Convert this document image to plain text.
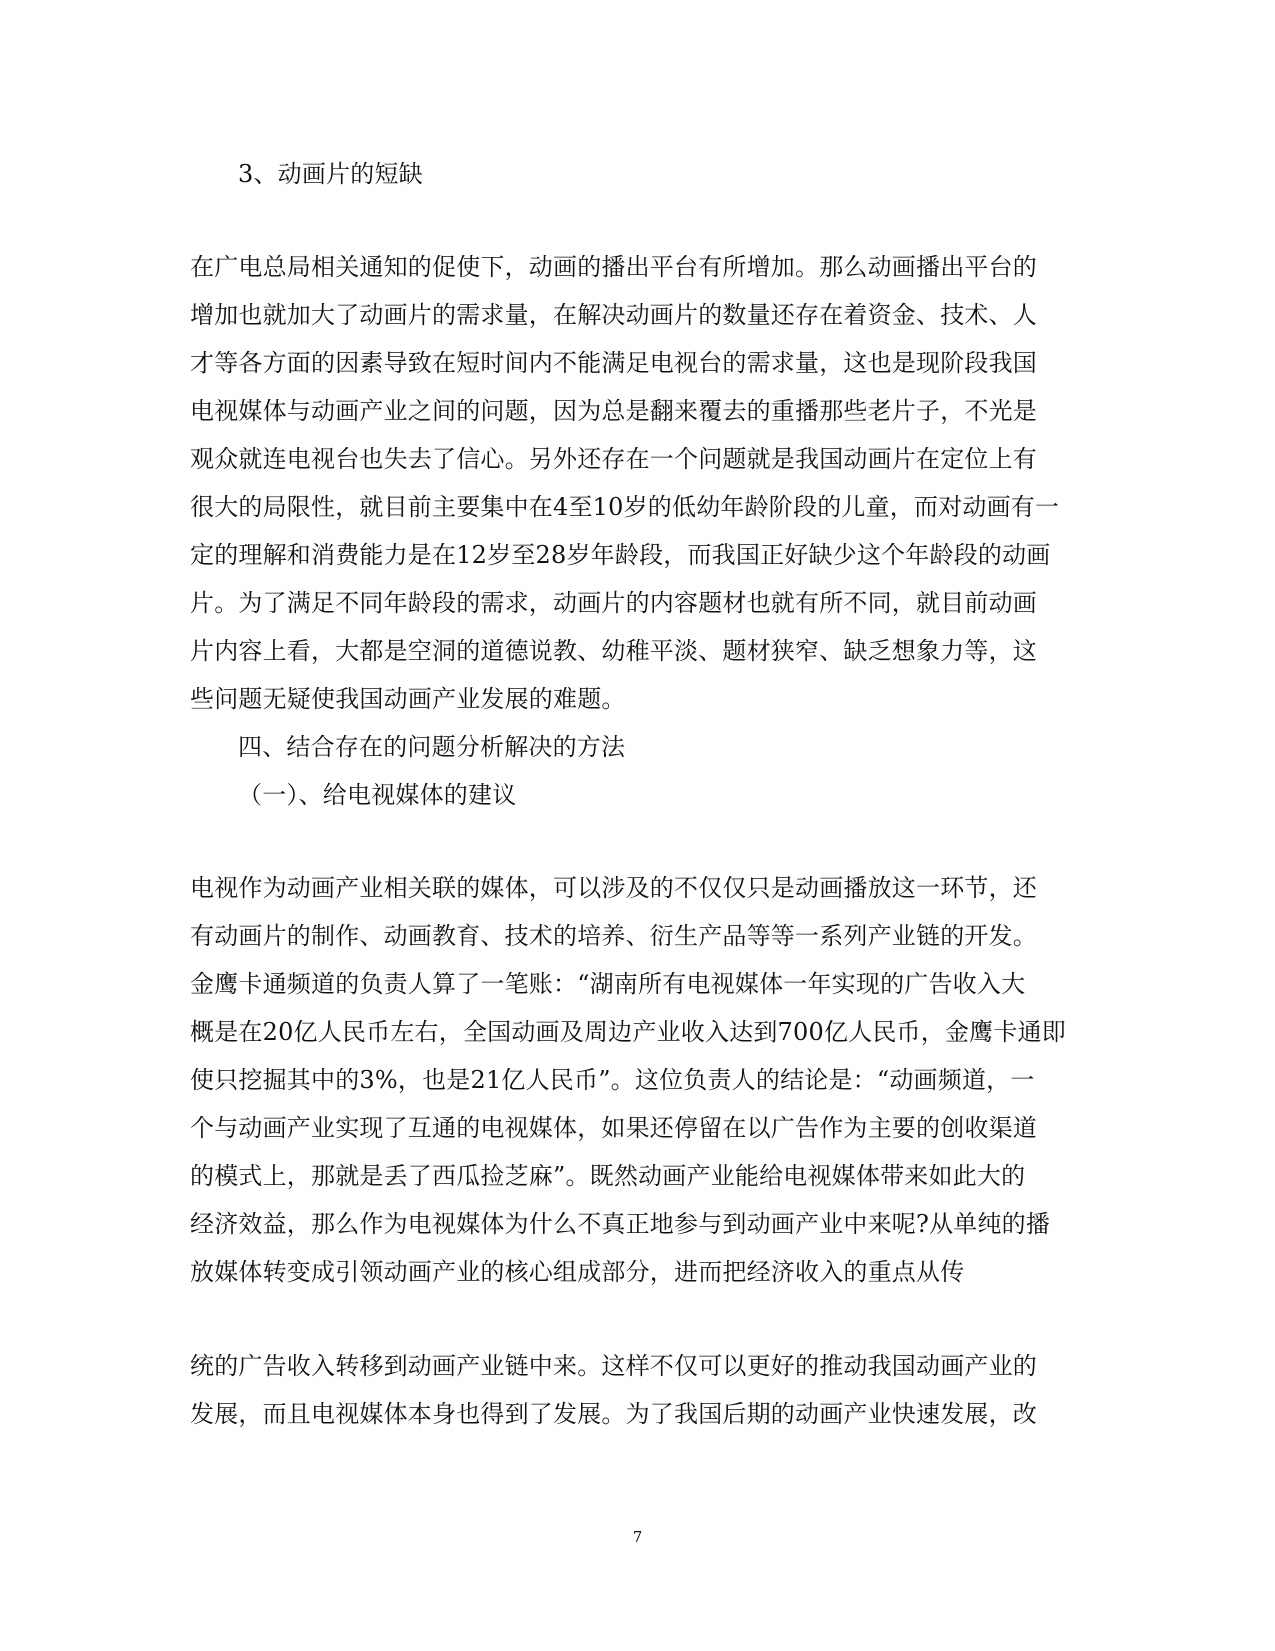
3、动画片的短缺

在广电总局相关通知的促使下，动画的播出平台有所增加。那么动画播出平台的

增加也就加大了动画片的需求量，在解决动画片的数量还存在着资金、技术、人

才等各方面的因素导致在短时间内不能满足电视台的需求量，这也是现阶段我国

电视媒体与动画产业之间的问题，因为总是翻来覆去的重播那些老片子，不光是

观众就连电视台也失去了信心。另外还存在一个问题就是我国动画片在定位上有

很大的局限性，就目前主要集中在4至10岁的低幼年龄阶段的儿童，而对动画有一

定的理解和消费能力是在12岁至28岁年龄段，而我国正好缺少这个年龄段的动画

片。为了满足不同年龄段的需求，动画片的内容题材也就有所不同，就目前动画

片内容上看，大都是空洞的道德说教、幼稚平淡、题材狭窄、缺乏想象力等，这

些问题无疑使我国动画产业发展的难题。

四、结合存在的问题分析解决的方法

（一）、给电视媒体的建议

电视作为动画产业相关联的媒体，可以涉及的不仅仅只是动画播放这一环节，还

有动画片的制作、动画教育、技术的培养、衍生产品等等一系列产业链的开发。

金鹰卡通频道的负责人算了一笔账：“湖南所有电视媒体一年实现的广告收入大

概是在20亿人民币左右，全国动画及周边产业收入达到700亿人民币，金鹰卡通即

使只挖掘其中的3%，也是21亿人民币”。这位负责人的结论是：“动画频道，一

个与动画产业实现了互通的电视媒体，如果还停留在以广告作为主要的创收渠道

的模式上，那就是丢了西瓜捡芝麻”。既然动画产业能给电视媒体带来如此大的

经济效益，那么作为电视媒体为什么不真正地参与到动画产业中来呢?从单纯的播

放媒体转变成引领动画产业的核心组成部分，进而把经济收入的重点从传

统的广告收入转移到动画产业链中来。这样不仅可以更好的推动我国动画产业的

发展，而且电视媒体本身也得到了发展。为了我国后期的动画产业快速发展，改

7
